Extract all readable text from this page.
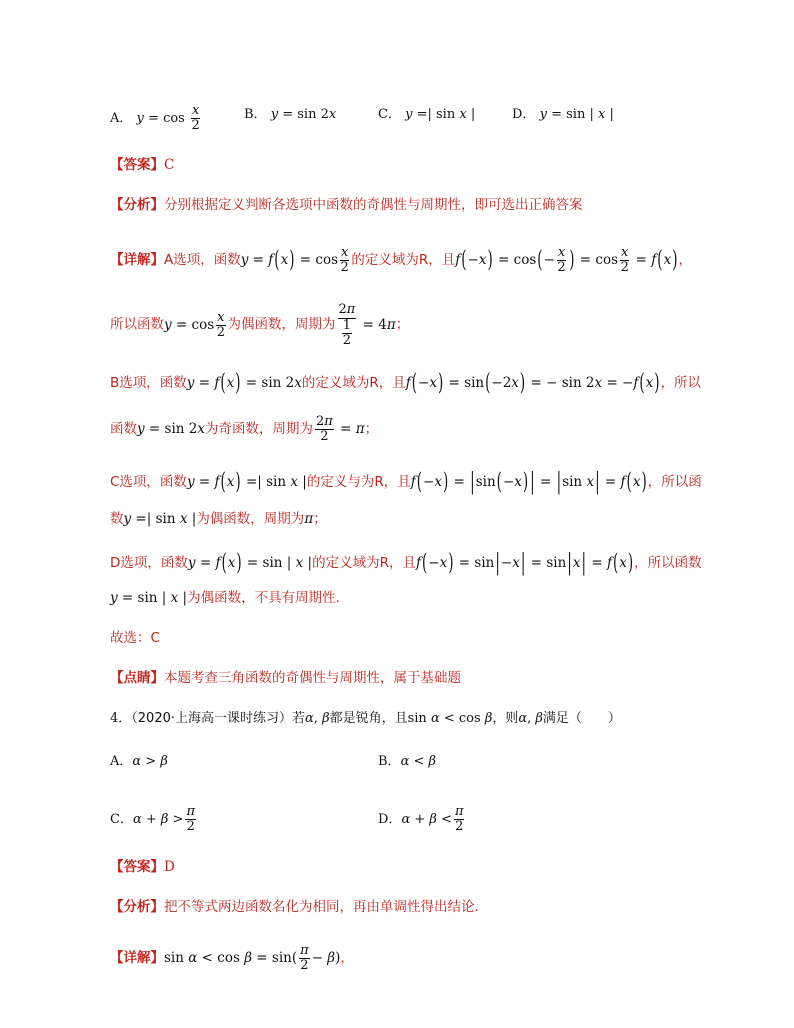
A． $y = \cos \frac{x}{2}$	B． y = sin 2x	C． y =| sin x |	D． y = sin | x |
【答案】C
【分析】分别根据定义判断各选项中函数的奇偶性与周期性，即可选出正确答案
【详解】A选项，函数$y = f(x) = \cos \frac{x}{2}$ 的定义域为R，且$f(-x) = \cos(- \frac{x}{2}$ ) = $\cos \frac{x}{2} = f(x)$，
所以函数$y = \cos \frac{x}{2}$ 为偶函数，周期为 $\frac{2\pi}{\frac{1}{2}} = 4\pi$；
B选项，函数y = f(x) = sin 2x的定义域为R，且f(−x) = sin(−2x) = − sin 2x = −f(x)，所以
函数y = sin 2x为奇函数，周期为 $\frac{2\pi}{2} = \pi$；
C选项，函数y = f(x) =| sin x |的定义与为R，且f(−x) = |sin(−x) | = |sin x| = f(x)，所以函
数y =| sin x |为偶函数，周期为π；
D选项，函数y = f(x) = sin | x |的定义域为R，且f(−x) = sin|−x| = sin|x| = f(x)，所以函数
y = sin | x |为偶函数，不具有周期性.
故选：C
【点睛】本题考查三角函数的奇偶性与周期性，属于基础题
4．（2020·上海高一课时练习）若α, β都是锐角，且sin α < cos β，则α, β满足（　　）
A．α > β	B．α < β
C．$\alpha + \beta > \frac{\pi}{2}$	D．$\alpha + \beta < \frac{\pi}{2}$
【答案】D
【分析】把不等式两边函数名化为相同，再由单调性得出结论．
【详解】$\sin \alpha < \cos \beta = \sin( \frac{\pi}{2} - \beta)$，
